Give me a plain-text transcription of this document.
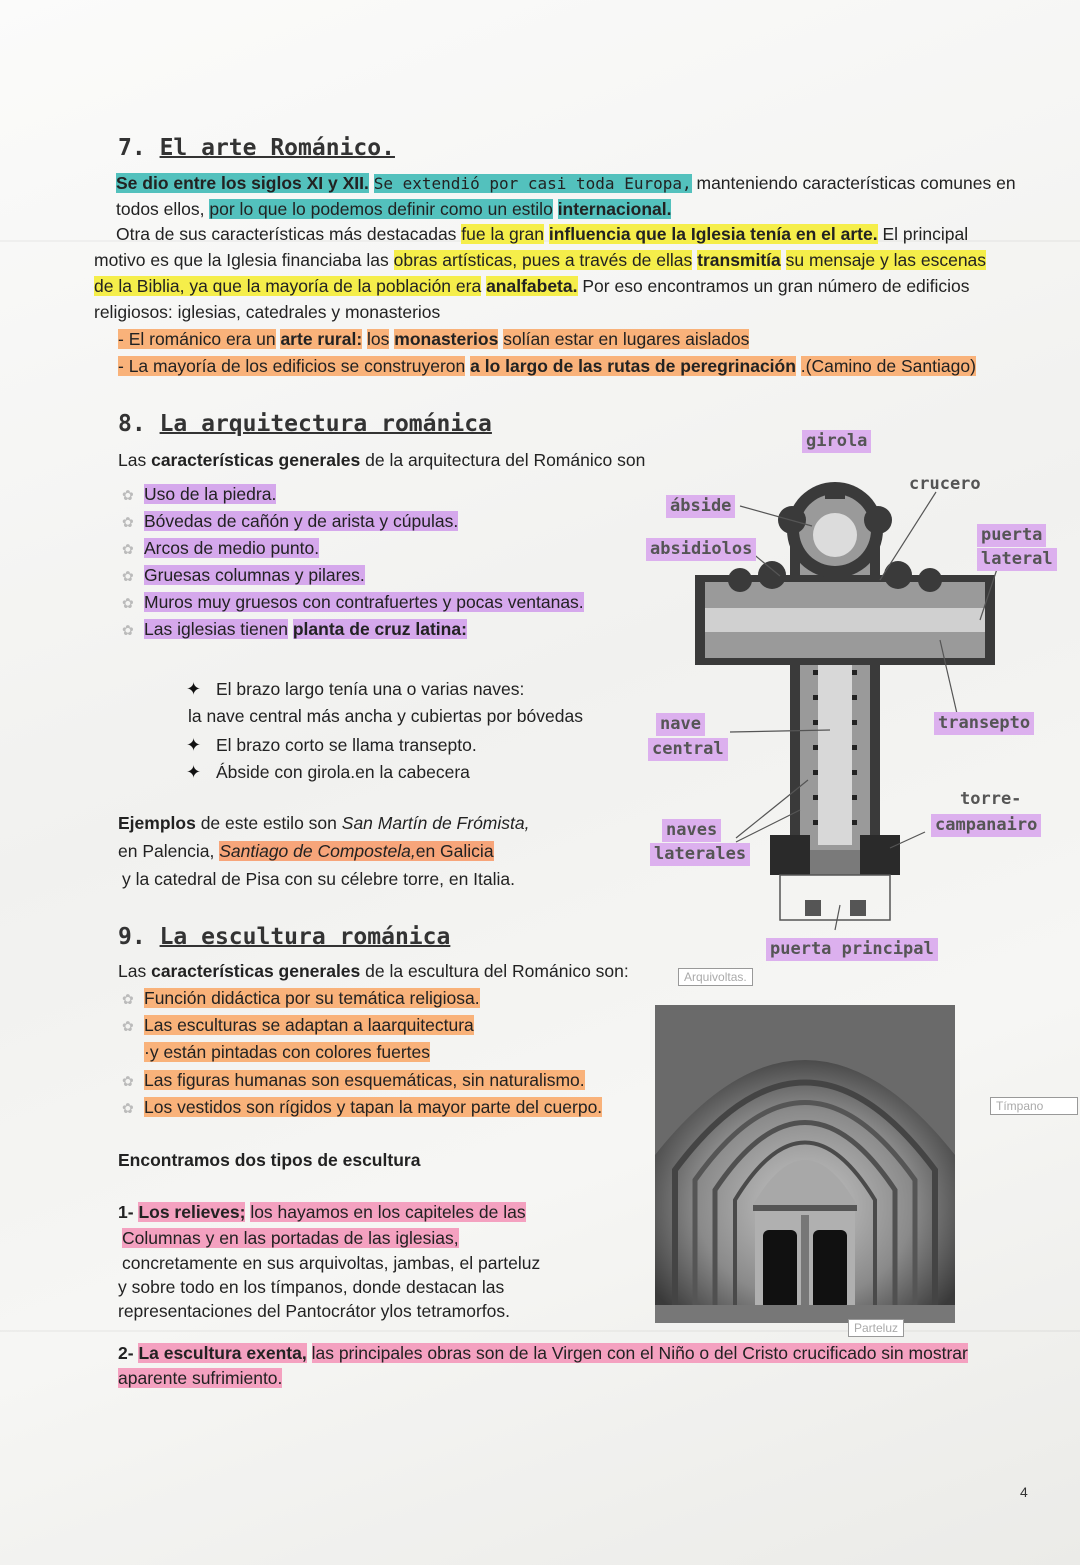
7. El arte Románico.
Se dio entre los siglos XI y XII. Se extendió por casi toda Europa, manteniendo características comunes en
todos ellos, por lo que lo podemos definir como un estilo internacional.
Otra de sus características más destacadas fue la gran influencia que la Iglesia tenía en el arte. El principal
motivo es que la Iglesia financiaba las obras artísticas, pues a través de ellas transmitía su mensaje y las escenas
de la Biblia, ya que la mayoría de la población era analfabeta. Por eso encontramos un gran número de edificios
religiosos: iglesias, catedrales y monasterios
- El románico era un arte rural: los monasterios solían estar en lugares aislados
- La mayoría de los edificios se construyeron a lo largo de las rutas de peregrinación .(Camino de Santiago)
8. La arquitectura románica
Las características generales de la arquitectura del Románico son
✿ Uso de la piedra.
✿ Bóvedas de cañón y de arista y cúpulas.
✿ Arcos de medio punto.
✿ Gruesas columnas y pilares.
✿ Muros muy gruesos con contrafuertes y pocas ventanas.
✿ Las iglesias tienen planta de cruz latina:
✦ El brazo largo tenía una o varias naves:
la nave central más ancha y cubiertas por bóvedas
✦ El brazo corto se llama transepto.
✦ Ábside con girola.en la cabecera
Ejemplos de este estilo son San Martín de Frómista,
en Palencia, Santiago de Compostela,en Galicia
y la catedral de Pisa con su célebre torre, en Italia.
girola
crucero
ábside
absidiolos
puerta
lateral
nave
central
transepto
torre-
campanairo
naves
laterales
puerta principal
9. La escultura románica
Las características generales de la escultura del Románico son:
✿ Función didáctica por su temática religiosa.
✿ Las esculturas se adaptan a laarquitectura
·y están pintadas con colores fuertes
✿ Las figuras humanas son esquemáticas, sin naturalismo.
✿ Los vestidos son rígidos y tapan la mayor parte del cuerpo.
Encontramos dos tipos de escultura
1- Los relieves; los hayamos en los capiteles de las
Columnas y en las portadas de las iglesias,
concretamente en sus arquivoltas, jambas, el parteluz
y sobre todo en los tímpanos, donde destacan las
representaciones del Pantocrátor ylos tetramorfos.
2- La escultura exenta, las principales obras son de la Virgen con el Niño o del Cristo crucificado sin mostrar
aparente sufrimiento.
Arquivoltas.
Tímpano
Parteluz
4
